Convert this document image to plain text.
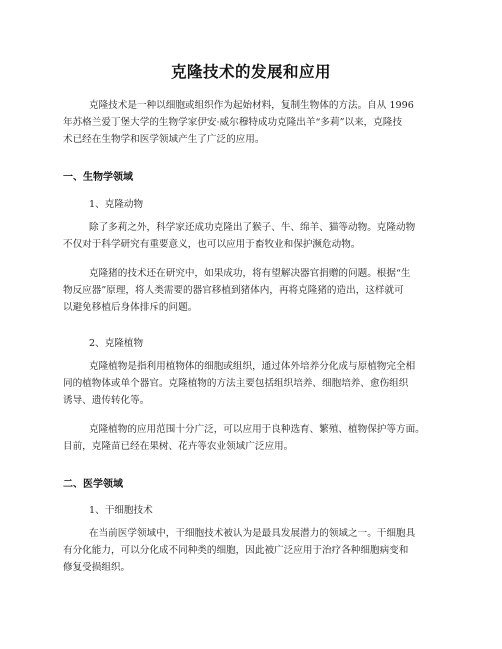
克隆技术的发展和应用
克隆技术是一种以细胞或组织作为起始材料，复制生物体的方法。自从 1996
年苏格兰爱丁堡大学的生物学家伊安·威尔穆特成功克隆出羊“多莉”以来，克隆技
术已经在生物学和医学领域产生了广泛的应用。
一、生物学领域
1、克隆动物
除了多莉之外，科学家还成功克隆出了猴子、牛、绵羊、猫等动物。克隆动物
不仅对于科学研究有重要意义，也可以应用于畜牧业和保护濒危动物。
克隆猪的技术还在研究中，如果成功，将有望解决器官捐赠的问题。根据“生
物反应器”原理，将人类需要的器官移植到猪体内，再将克隆猪的造出，这样就可
以避免移植后身体排斥的问题。
2、克隆植物
克隆植物是指利用植物体的细胞或组织，通过体外培养分化成与原植物完全相
同的植物体或单个器官。克隆植物的方法主要包括组织培养、细胞培养、愈伤组织
诱导、遗传转化等。
克隆植物的应用范围十分广泛，可以应用于良种选育、繁殖、植物保护等方面。
目前，克隆苗已经在果树、花卉等农业领域广泛应用。
二、医学领域
1、干细胞技术
在当前医学领域中，干细胞技术被认为是最具发展潜力的领域之一。干细胞具
有分化能力，可以分化成不同种类的细胞，因此被广泛应用于治疗各种细胞病变和
修复受损组织。
